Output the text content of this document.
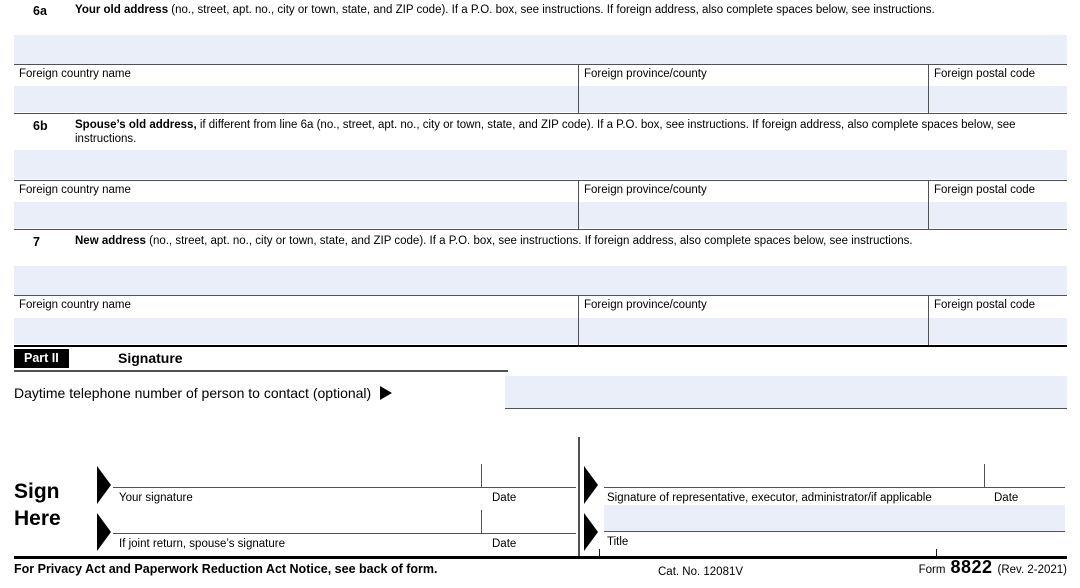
6a Your old address (no., street, apt. no., city or town, state, and ZIP code). If a P.O. box, see instructions. If foreign address, also complete spaces below, see instructions.
Foreign country name	Foreign province/county	Foreign postal code
6b Spouse’s old address, if different from line 6a (no., street, apt. no., city or town, state, and ZIP code). If a P.O. box, see instructions. If foreign address, also complete spaces below, see instructions.
Foreign country name	Foreign province/county	Foreign postal code
7	New address (no., street, apt. no., city or town, state, and ZIP code). If a P.O. box, see instructions. If foreign address, also complete spaces below, see instructions.
Foreign country name	Foreign province/county	Foreign postal code
Part II	Signature
Daytime telephone number of person to contact (optional)
Sign
Here
Your signature	Date
If joint return, spouse’s signature	Date
Signature of representative, executor, administrator/if applicable	Date
Title
For Privacy Act and Paperwork Reduction Act Notice, see back of form.	Cat. No. 12081V	Form 8822 (Rev. 2-2021)
